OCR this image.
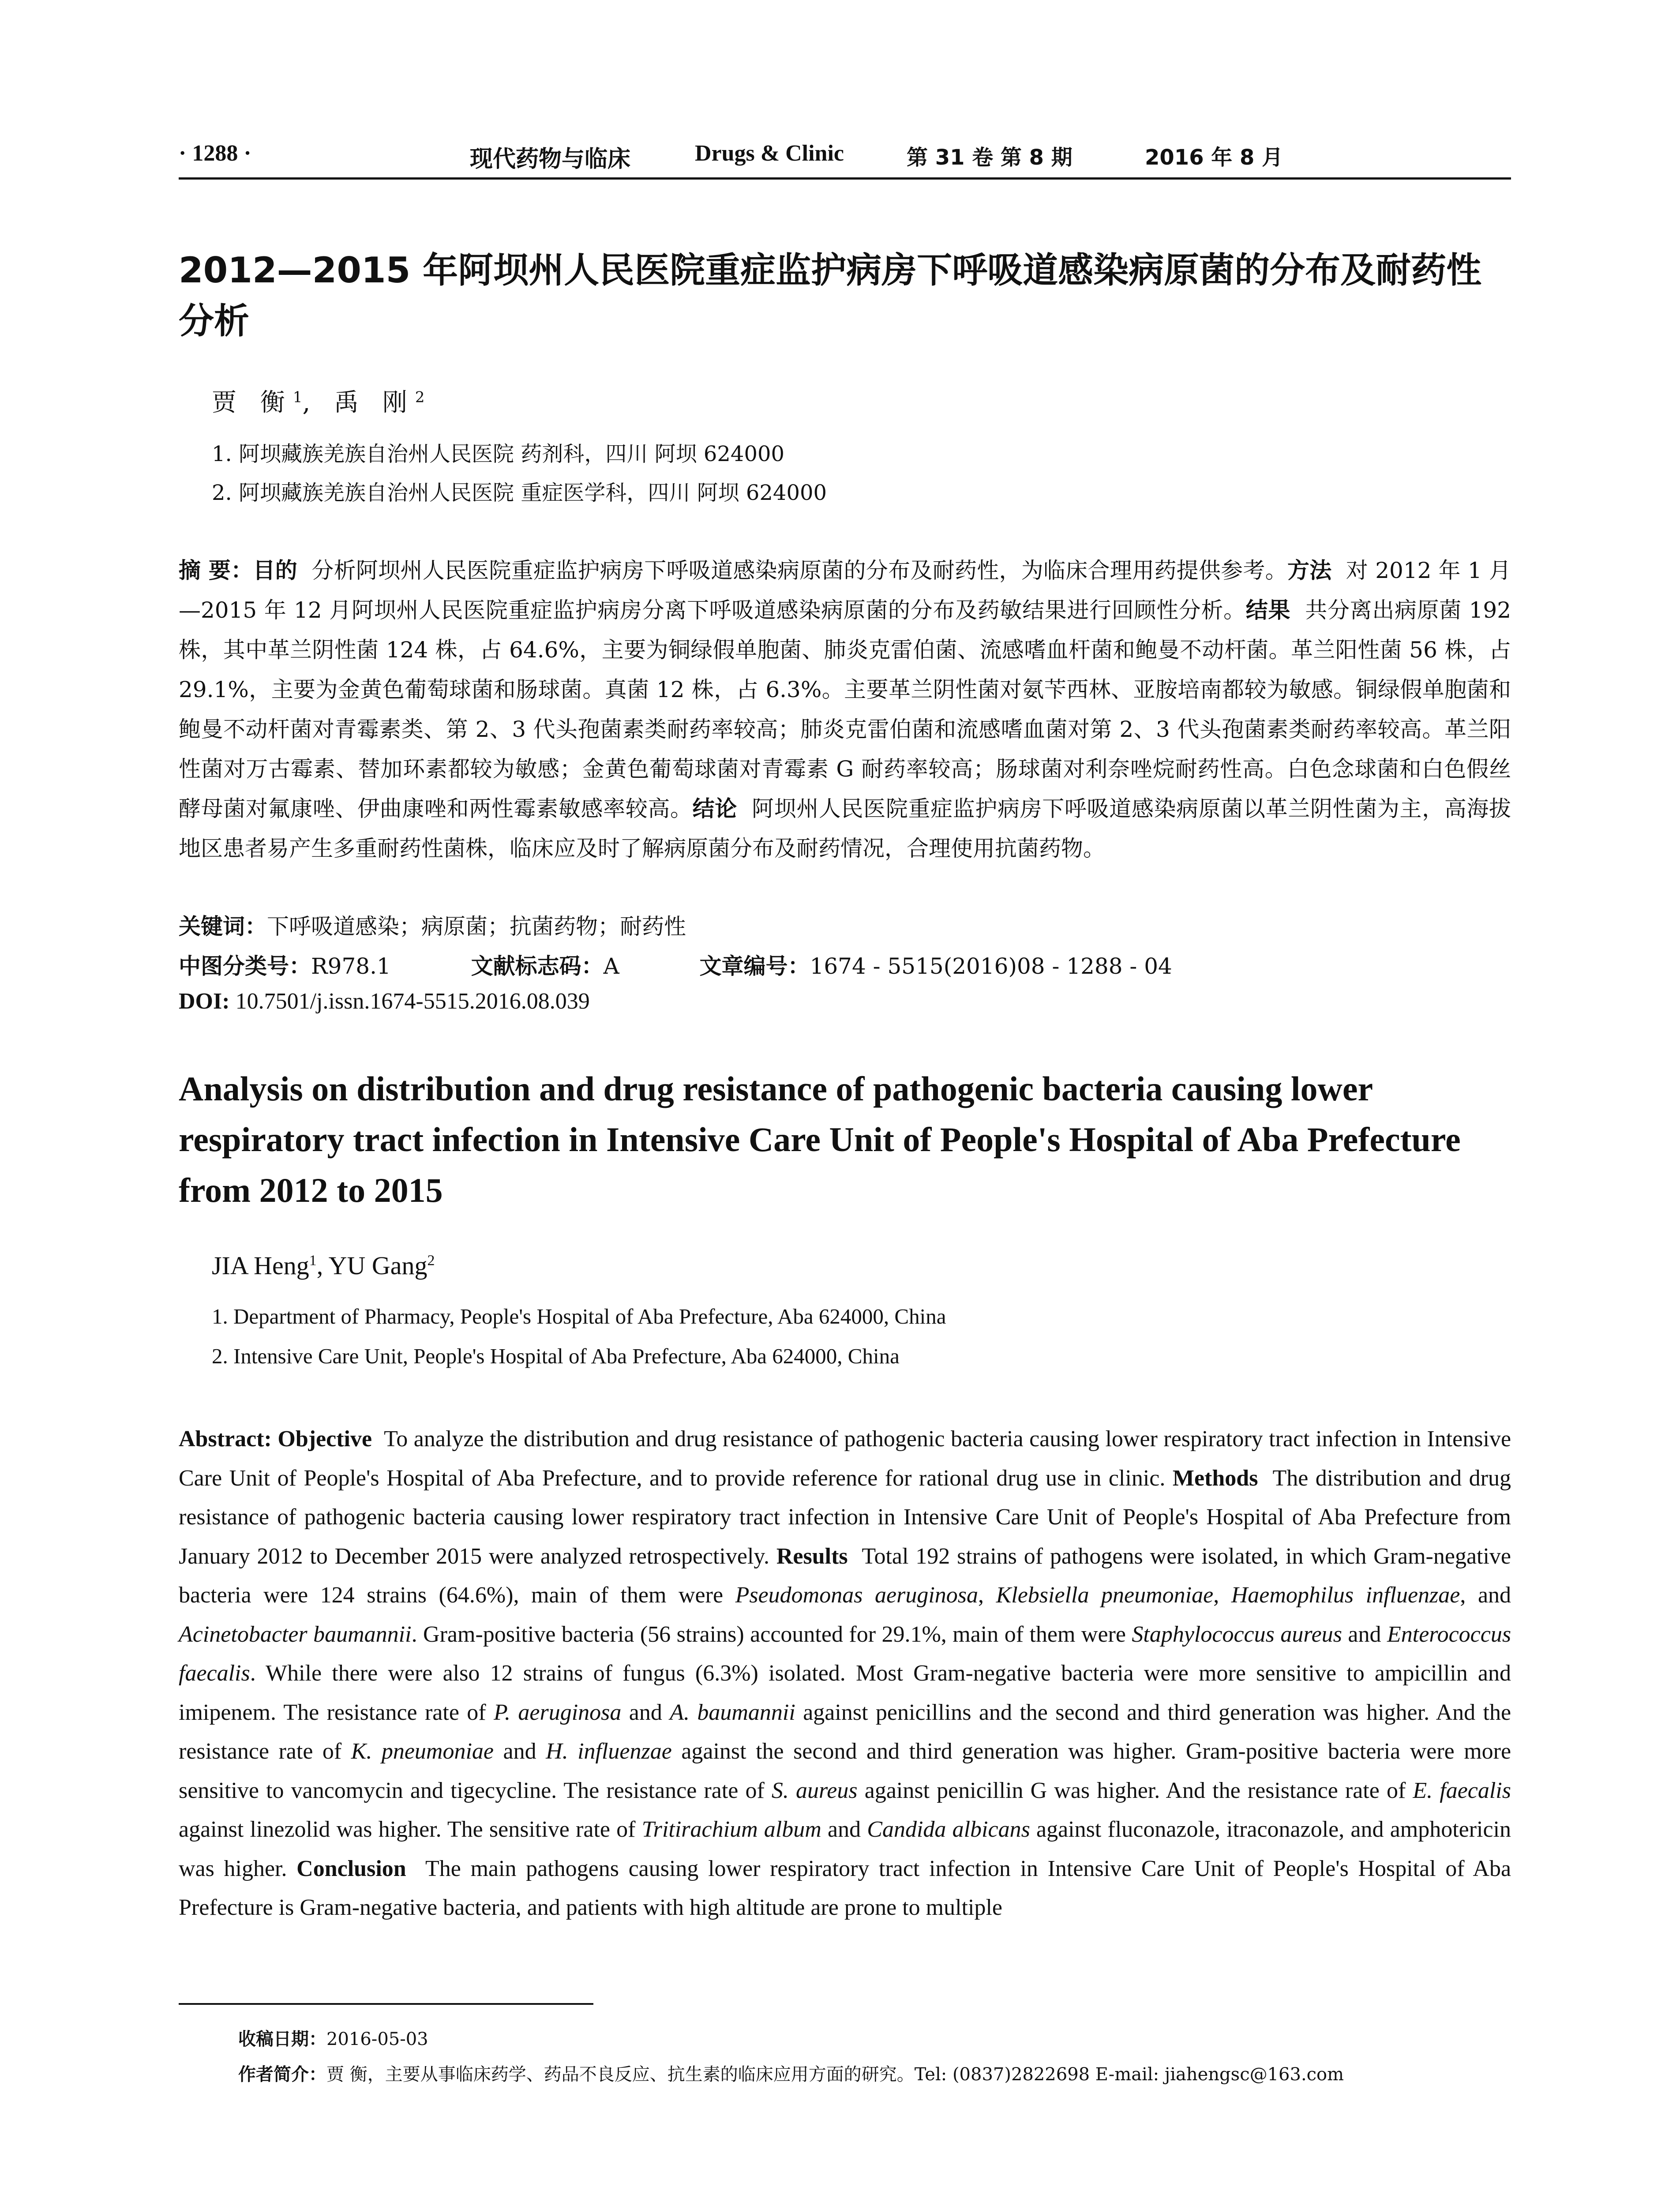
· 1288 ·	现代药物与临床	Drugs & Clinic	第 31 卷 第 8 期	2016 年 8 月
2012—2015 年阿坝州人民医院重症监护病房下呼吸道感染病原菌的分布及耐药性分析
贾 衡$^1$, 禹 刚$^2$
1. 阿坝藏族羌族自治州人民医院 药剂科，四川 阿坝 624000
2. 阿坝藏族羌族自治州人民医院 重症医学科，四川 阿坝 624000
摘 要：目的 分析阿坝州人民医院重症监护病房下呼吸道感染病原菌的分布及耐药性，为临床合理用药提供参考。方法 对 2012 年 1 月—2015 年 12 月阿坝州人民医院重症监护病房分离下呼吸道感染病原菌的分布及药敏结果进行回顾性分析。结果 共分离出病原菌 192 株，其中革兰阴性菌 124 株，占 64.6%，主要为铜绿假单胞菌、肺炎克雷伯菌、流感嗜血杆菌和鲍曼不动杆菌。革兰阳性菌 56 株，占 29.1%，主要为金黄色葡萄球菌和肠球菌。真菌 12 株，占 6.3%。主要革兰阴性菌对氨苄西林、亚胺培南都较为敏感。铜绿假单胞菌和鲍曼不动杆菌对青霉素类、第 2、3 代头孢菌素类耐药率较高；肺炎克雷伯菌和流感嗜血菌对第 2、3 代头孢菌素类耐药率较高。革兰阳性菌对万古霉素、替加环素都较为敏感；金黄色葡萄球菌对青霉素 G 耐药率较高；肠球菌对利奈唑烷耐药性高。白色念球菌和白色假丝酵母菌对氟康唑、伊曲康唑和两性霉素敏感率较高。结论 阿坝州人民医院重症监护病房下呼吸道感染病原菌以革兰阴性菌为主，高海拔地区患者易产生多重耐药性菌株，临床应及时了解病原菌分布及耐药情况，合理使用抗菌药物。
关键词：下呼吸道感染；病原菌；抗菌药物；耐药性
中图分类号：R978.1	文献标志码：A	文章编号：1674 - 5515(2016)08 - 1288 - 04
DOI: 10.7501/j.issn.1674-5515.2016.08.039
Analysis on distribution and drug resistance of pathogenic bacteria causing lower respiratory tract infection in Intensive Care Unit of People's Hospital of Aba Prefecture from 2012 to 2015
JIA Heng$^1$, YU Gang$^2$
1. Department of Pharmacy, People's Hospital of Aba Prefecture, Aba 624000, China
2. Intensive Care Unit, People's Hospital of Aba Prefecture, Aba 624000, China
Abstract: Objective To analyze the distribution and drug resistance of pathogenic bacteria causing lower respiratory tract infection in Intensive Care Unit of People's Hospital of Aba Prefecture, and to provide reference for rational drug use in clinic. Methods The distribution and drug resistance of pathogenic bacteria causing lower respiratory tract infection in Intensive Care Unit of People's Hospital of Aba Prefecture from January 2012 to December 2015 were analyzed retrospectively. Results Total 192 strains of pathogens were isolated, in which Gram-negative bacteria were 124 strains (64.6%), main of them were Pseudomonas aeruginosa, Klebsiella pneumoniae, Haemophilus influenzae, and Acinetobacter baumannii. Gram-positive bacteria (56 strains) accounted for 29.1%, main of them were Staphylococcus aureus and Enterococcus faecalis. While there were also 12 strains of fungus (6.3%) isolated. Most Gram-negative bacteria were more sensitive to ampicillin and imipenem. The resistance rate of P. aeruginosa and A. baumannii against penicillins and the second and third generation was higher. And the resistance rate of K. pneumoniae and H. influenzae against the second and third generation was higher. Gram-positive bacteria were more sensitive to vancomycin and tigecycline. The resistance rate of S. aureus against penicillin G was higher. And the resistance rate of E. faecalis against linezolid was higher. The sensitive rate of Tritirachium album and Candida albicans against fluconazole, itraconazole, and amphotericin was higher. Conclusion The main pathogens causing lower respiratory tract infection in Intensive Care Unit of People's Hospital of Aba Prefecture is Gram-negative bacteria, and patients with high altitude are prone to multiple
收稿日期：2016-05-03
作者简介：贾 衡，主要从事临床药学、药品不良反应、抗生素的临床应用方面的研究。Tel: (0837)2822698 E-mail: jiahengsc@163.com
